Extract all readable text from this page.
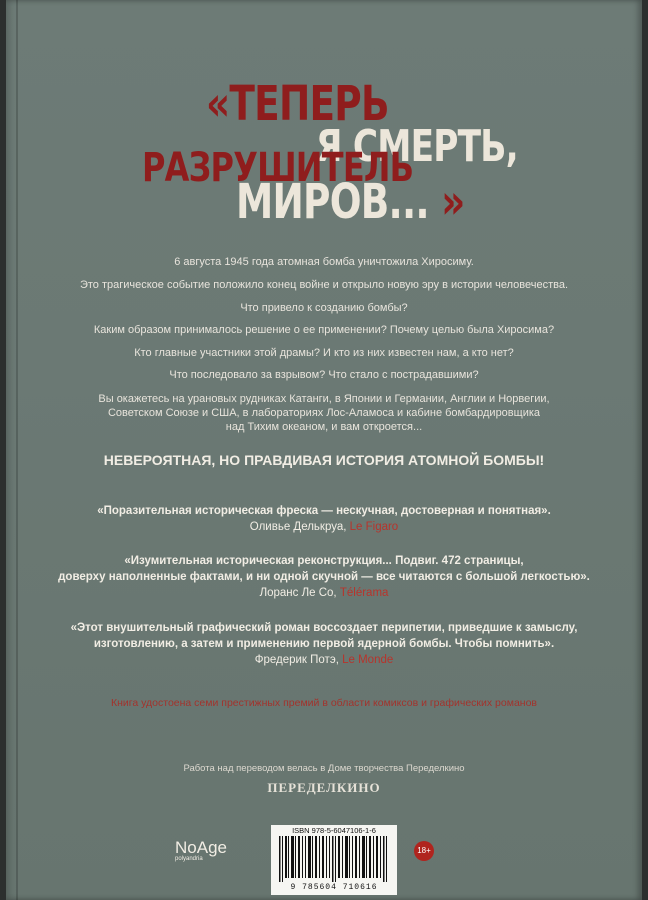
«ТЕПЕРЬ
Я СМЕРТЬ,
РАЗРУШИТЕЛЬ
МИРОВ... »
6 августа 1945 года атомная бомба уничтожила Хиросиму.
Это трагическое событие положило конец войне и открыло новую эру в истории человечества.
Что привело к созданию бомбы?
Каким образом принималось решение о ее применении? Почему целью была Хиросима?
Кто главные участники этой драмы? И кто из них известен нам, а кто нет?
Что последовало за взрывом? Что стало с пострадавшими?
Вы окажетесь на урановых рудниках Катанги, в Японии и Германии, Англии и Норвегии,
Советском Союзе и США, в лабораториях Лос-Аламоса и кабине бомбардировщика
над Тихим океаном, и вам откроется...
НЕВЕРОЯТНАЯ, НО ПРАВДИВАЯ ИСТОРИЯ АТОМНОЙ БОМБЫ!
«Поразительная историческая фреска — нескучная, достоверная и понятная».
Оливье Делькруа, Le Figaro
«Изумительная историческая реконструкция... Подвиг. 472 страницы,
доверху наполненные фактами, и ни одной скучной — все читаются с большой легкостью».
Лоранс Ле Со, Télérama
«Этот внушительный графический роман воссоздает перипетии, приведшие к замыслу,
изготовлению, а затем и применению первой ядерной бомбы. Чтобы помнить».
Фредерик Потэ, Le Monde
Книга удостоена семи престижных премий в области комиксов и графических романов
Работа над переводом велась в Доме творчества Переделкино
ПЕРЕДЕЛКИНО
NoAge
polyandria
ISBN 978-5-6047106-1-6
9 785604 710616
18+
